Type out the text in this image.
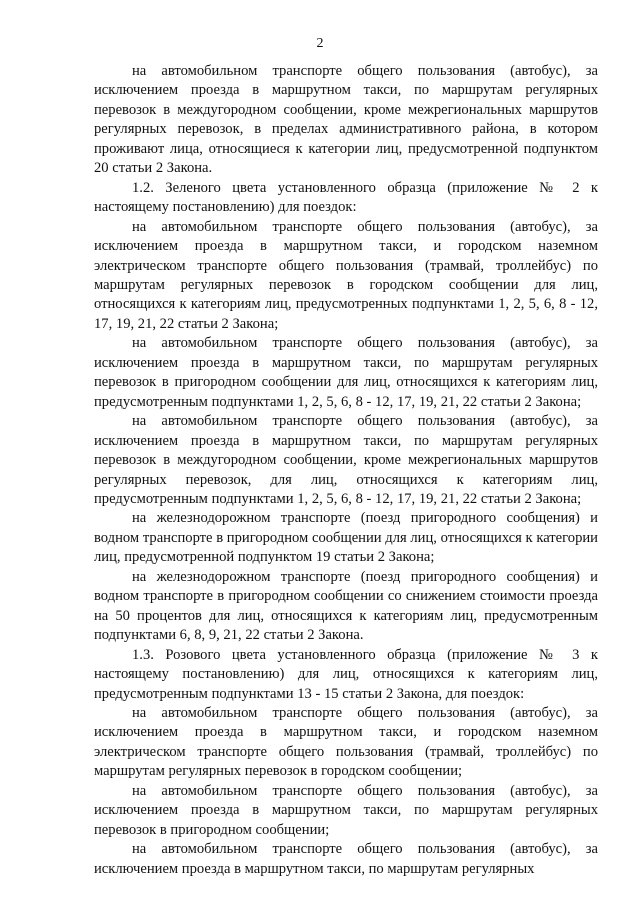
2

на автомобильном транспорте общего пользования (автобус), за исключением проезда в маршрутном такси, по маршрутам регулярных перевозок в междугородном сообщении, кроме межрегиональных маршрутов регулярных перевозок, в пределах административного района, в котором проживают лица, относящиеся к категории лиц, предусмотренной подпунктом 20 статьи 2 Закона.

1.2. Зеленого цвета установленного образца (приложение № 2 к настоящему постановлению) для поездок:

на автомобильном транспорте общего пользования (автобус), за исключением проезда в маршрутном такси, и городском наземном электрическом транспорте общего пользования (трамвай, троллейбус) по маршрутам регулярных перевозок в городском сообщении для лиц, относящихся к категориям лиц, предусмотренных подпунктами 1, 2, 5, 6, 8 - 12, 17, 19, 21, 22 статьи 2 Закона;

на автомобильном транспорте общего пользования (автобус), за исключением проезда в маршрутном такси, по маршрутам регулярных перевозок в пригородном сообщении для лиц, относящихся к категориям лиц, предусмотренным подпунктами 1, 2, 5, 6, 8 - 12, 17, 19, 21, 22 статьи 2 Закона;

на автомобильном транспорте общего пользования (автобус), за исключением проезда в маршрутном такси, по маршрутам регулярных перевозок в междугородном сообщении, кроме межрегиональных маршрутов регулярных перевозок, для лиц, относящихся к категориям лиц, предусмотренным подпунктами 1, 2, 5, 6, 8 - 12, 17, 19, 21, 22 статьи 2 Закона;

на железнодорожном транспорте (поезд пригородного сообщения) и водном транспорте в пригородном сообщении для лиц, относящихся к категории лиц, предусмотренной подпунктом 19 статьи 2 Закона;

на железнодорожном транспорте (поезд пригородного сообщения) и водном транспорте в пригородном сообщении со снижением стоимости проезда на 50 процентов для лиц, относящихся к категориям лиц, предусмотренным подпунктами 6, 8, 9, 21, 22 статьи 2 Закона.

1.3. Розового цвета установленного образца (приложение № 3 к настоящему постановлению) для лиц, относящихся к категориям лиц, предусмотренным подпунктами 13 - 15 статьи 2 Закона, для поездок:

на автомобильном транспорте общего пользования (автобус), за исключением проезда в маршрутном такси, и городском наземном электрическом транспорте общего пользования (трамвай, троллейбус) по маршрутам регулярных перевозок в городском сообщении;

на автомобильном транспорте общего пользования (автобус), за исключением проезда в маршрутном такси, по маршрутам регулярных перевозок в пригородном сообщении;

на автомобильном транспорте общего пользования (автобус), за исключением проезда в маршрутном такси, по маршрутам регулярных
